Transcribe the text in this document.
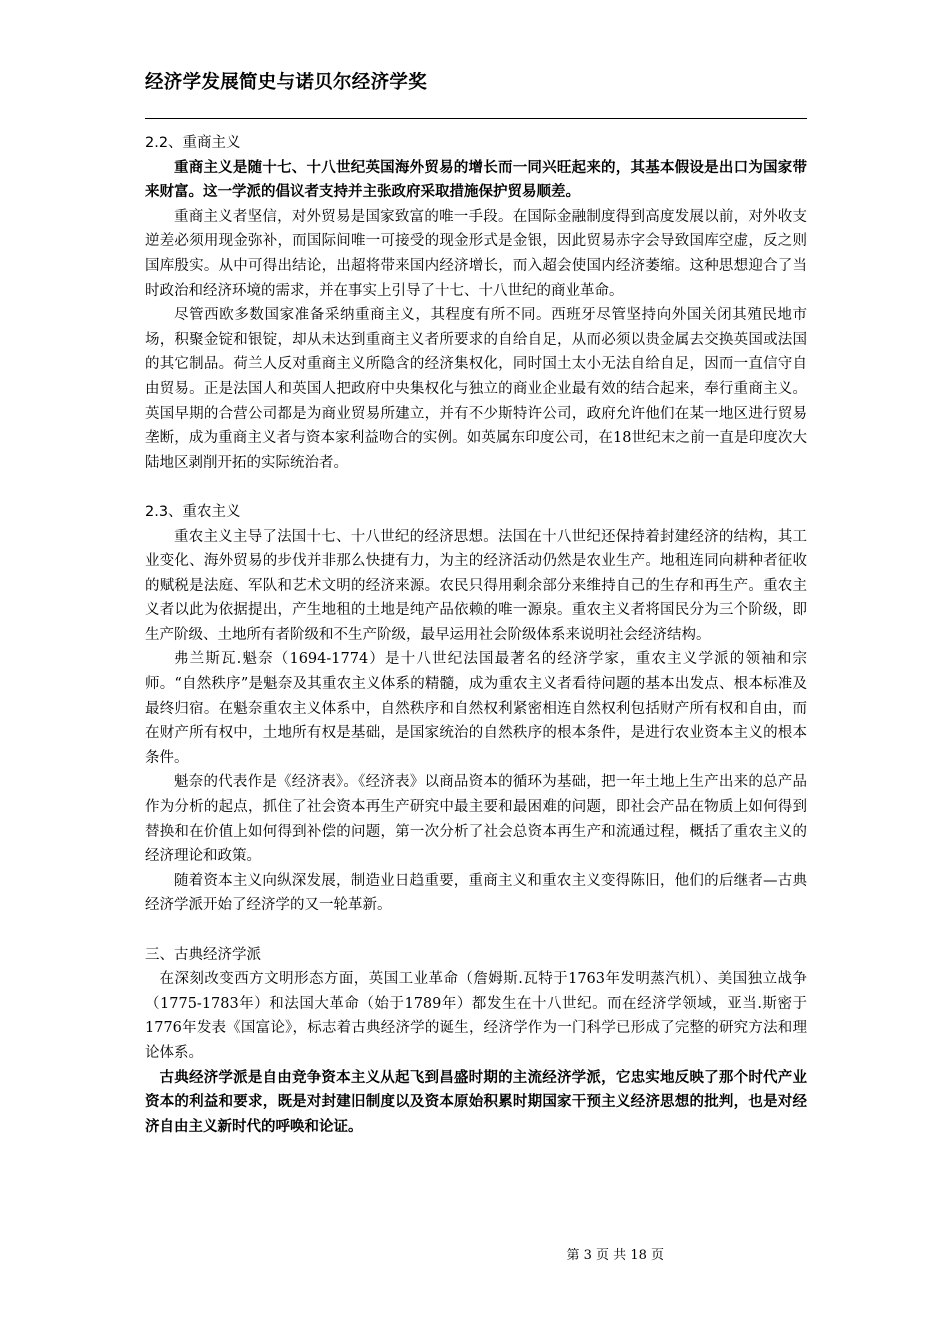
经济学发展简史与诺贝尔经济学奖
2.2、重商主义

重商主义是随十七、十八世纪英国海外贸易的增长而一同兴旺起来的，其基本假设是出口为国家带来财富。这一学派的倡议者支持并主张政府采取措施保护贸易顺差。

重商主义者坚信，对外贸易是国家致富的唯一手段。在国际金融制度得到高度发展以前，对外收支逆差必须用现金弥补，而国际间唯一可接受的现金形式是金银，因此贸易赤字会导致国库空虚，反之则国库殷实。从中可得出结论，出超将带来国内经济增长，而入超会使国内经济萎缩。这种思想迎合了当时政治和经济环境的需求，并在事实上引导了十七、十八世纪的商业革命。

尽管西欧多数国家准备采纳重商主义，其程度有所不同。西班牙尽管坚持向外国关闭其殖民地市场，积聚金锭和银锭，却从未达到重商主义者所要求的自给自足，从而必须以贵金属去交换英国或法国的其它制品。荷兰人反对重商主义所隐含的经济集权化，同时国土太小无法自给自足，因而一直信守自由贸易。正是法国人和英国人把政府中央集权化与独立的商业企业最有效的结合起来，奉行重商主义。英国早期的合营公司都是为商业贸易所建立，并有不少斯特许公司，政府允许他们在某一地区进行贸易垄断，成为重商主义者与资本家利益吻合的实例。如英属东印度公司，在18世纪末之前一直是印度次大陆地区剥削开拓的实际统治者。

2.3、重农主义

重农主义主导了法国十七、十八世纪的经济思想。法国在十八世纪还保持着封建经济的结构，其工业变化、海外贸易的步伐并非那么快捷有力，为主的经济活动仍然是农业生产。地租连同向耕种者征收的赋税是法庭、军队和艺术文明的经济来源。农民只得用剩余部分来维持自己的生存和再生产。重农主义者以此为依据提出，产生地租的土地是纯产品依赖的唯一源泉。重农主义者将国民分为三个阶级，即生产阶级、土地所有者阶级和不生产阶级，最早运用社会阶级体系来说明社会经济结构。

弗兰斯瓦.魁奈（1694-1774）是十八世纪法国最著名的经济学家，重农主义学派的领袖和宗师。“自然秩序”是魁奈及其重农主义体系的精髓，成为重农主义者看待问题的基本出发点、根本标准及最终归宿。在魁奈重农主义体系中，自然秩序和自然权利紧密相连自然权利包括财产所有权和自由，而在财产所有权中，土地所有权是基础，是国家统治的自然秩序的根本条件，是进行农业资本主义的根本条件。

魁奈的代表作是《经济表》。《经济表》以商品资本的循环为基础，把一年土地上生产出来的总产品作为分析的起点，抓住了社会资本再生产研究中最主要和最困难的问题，即社会产品在物质上如何得到替换和在价值上如何得到补偿的问题，第一次分析了社会总资本再生产和流通过程，概括了重农主义的经济理论和政策。

随着资本主义向纵深发展，制造业日趋重要，重商主义和重农主义变得陈旧，他们的后继者—古典经济学派开始了经济学的又一轮革新。

三、古典经济学派

在深刻改变西方文明形态方面，英国工业革命（詹姆斯.瓦特于1763年发明蒸汽机）、美国独立战争（1775-1783年）和法国大革命（始于1789年）都发生在十八世纪。而在经济学领域，亚当.斯密于1776年发表《国富论》，标志着古典经济学的诞生，经济学作为一门科学已形成了完整的研究方法和理论体系。

古典经济学派是自由竞争资本主义从起飞到昌盛时期的主流经济学派，它忠实地反映了那个时代产业资本的利益和要求，既是对封建旧制度以及资本原始积累时期国家干预主义经济思想的批判，也是对经济自由主义新时代的呼唤和论证。

第 3 页 共 18 页
